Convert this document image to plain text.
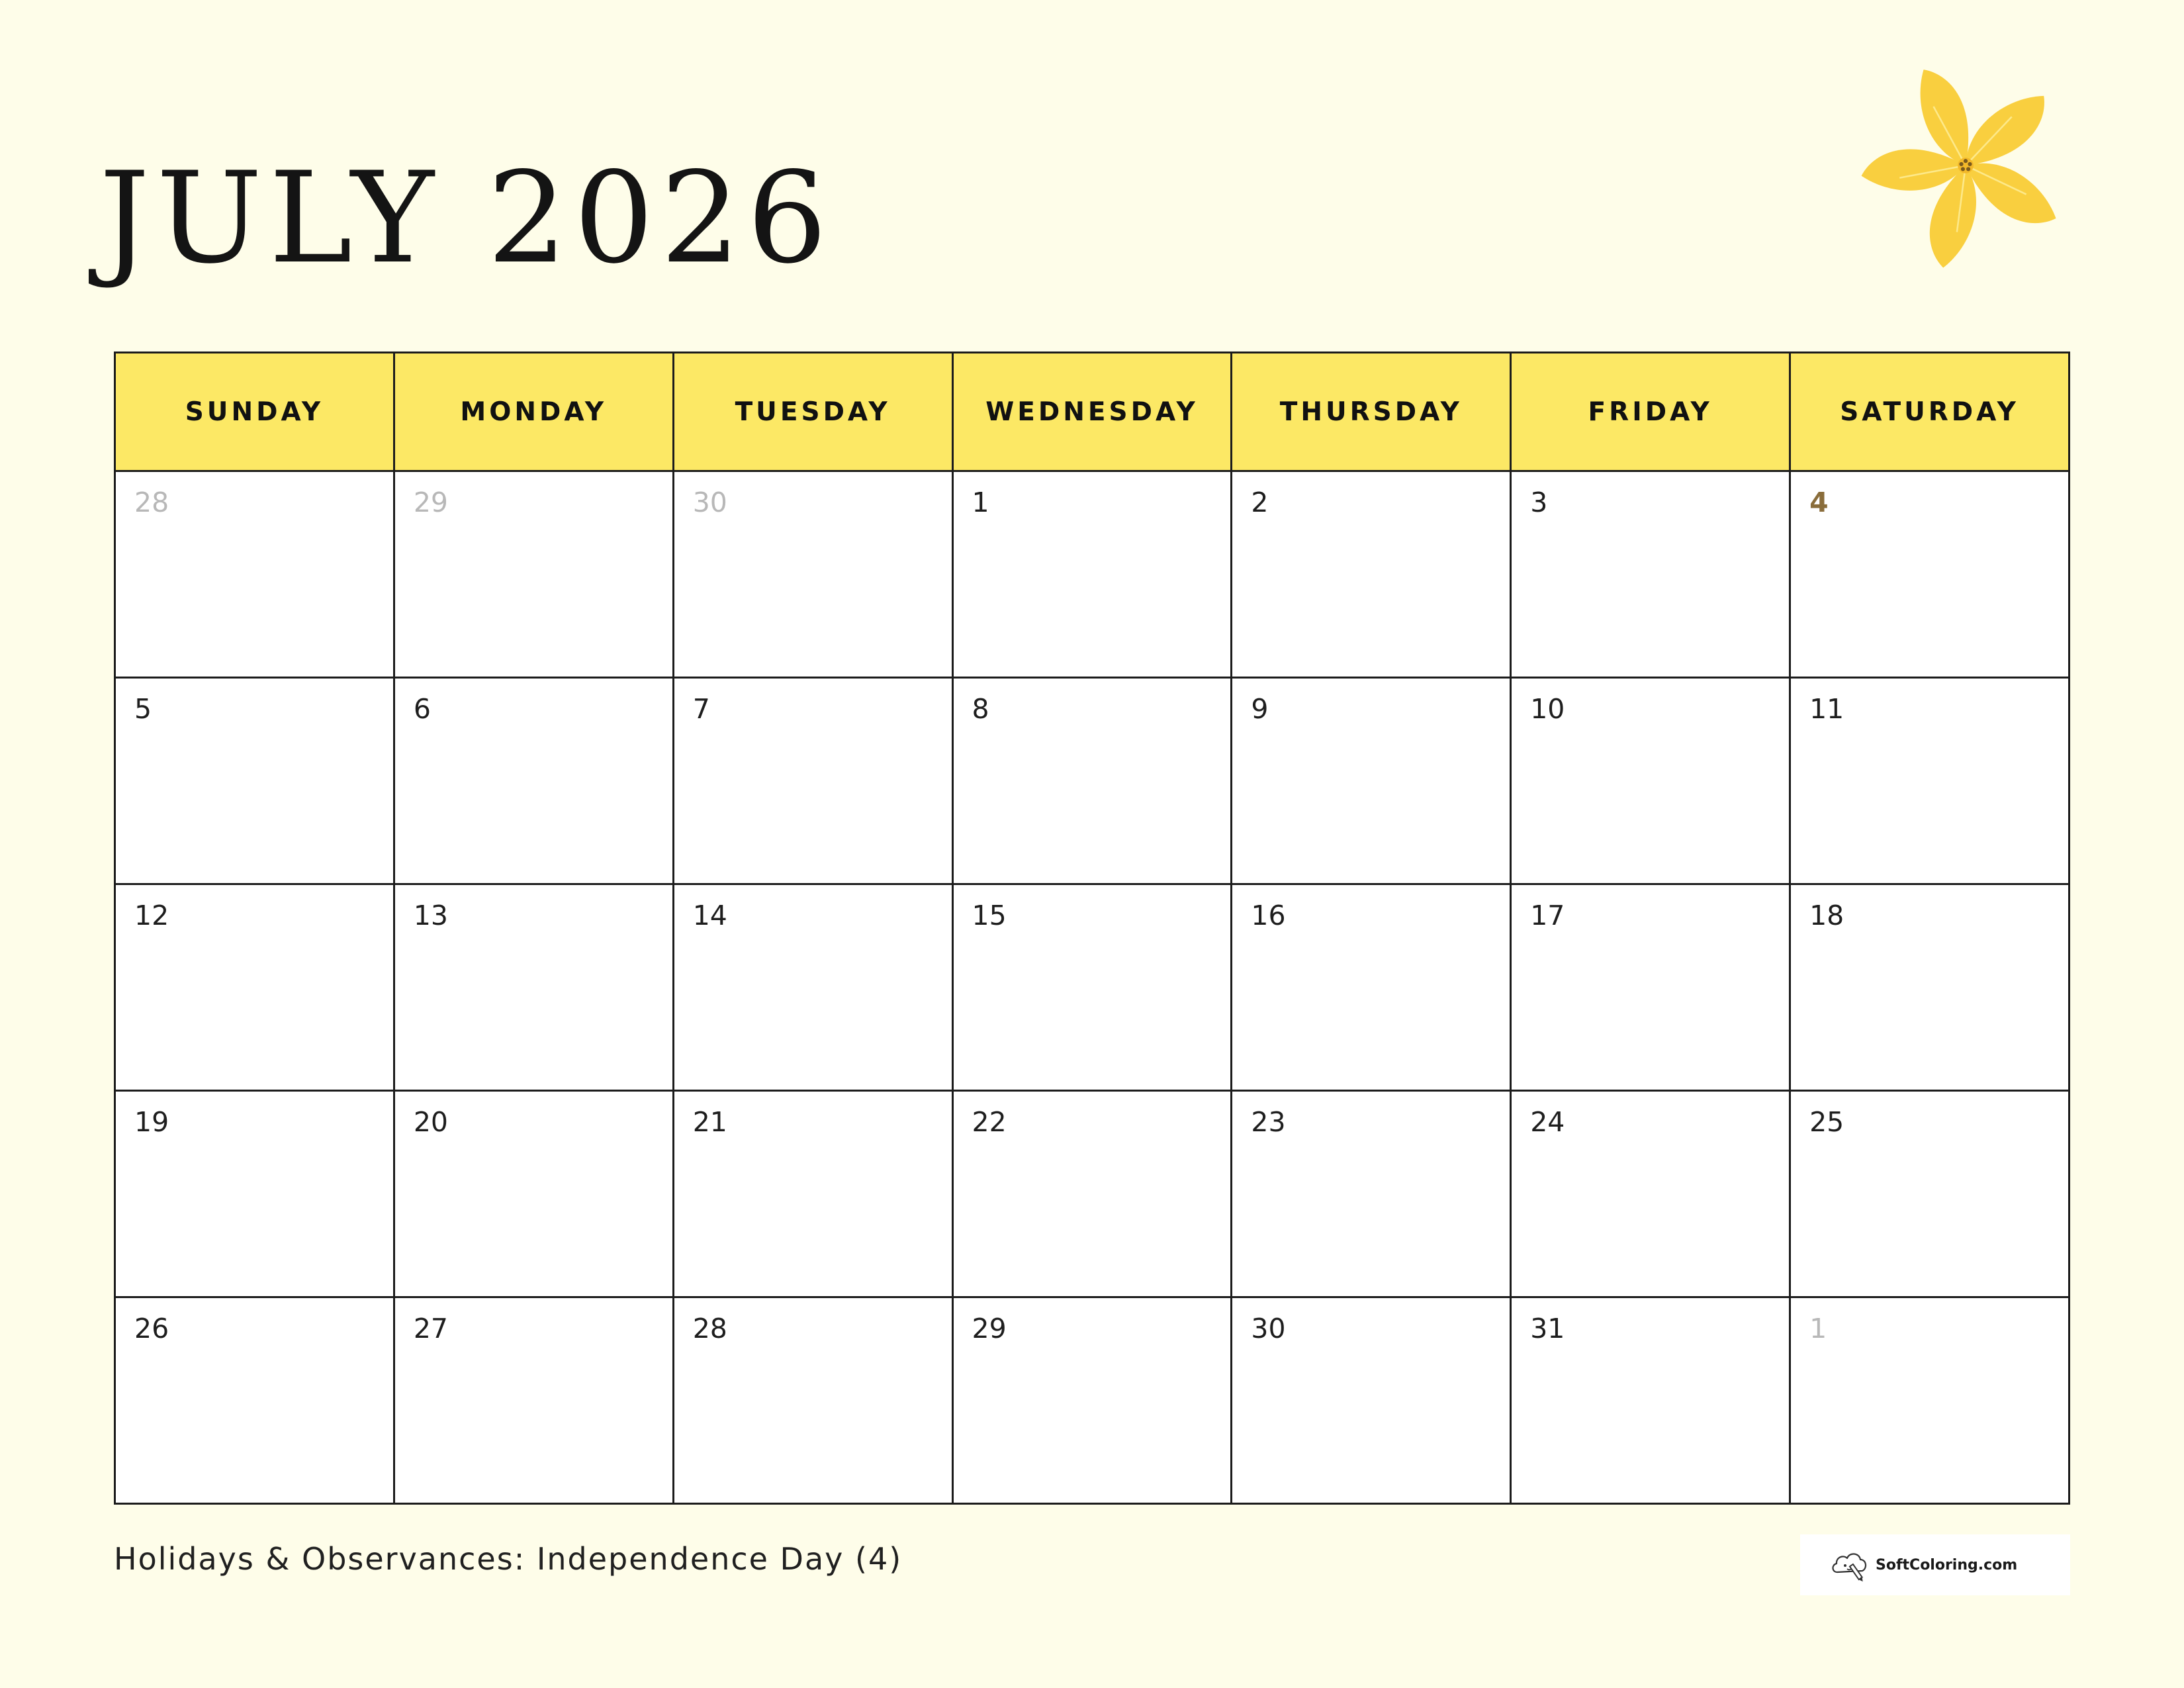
JULY 2026
SUNDAY	MONDAY	TUESDAY	WEDNESDAY	THURSDAY	FRIDAY	SATURDAY

28	29	30	1	2	3	4

5	6	7	8	9	10	11

12	13	14	15	16	17	18

19	20	21	22	23	24	25

26	27	28	29	30	31	1
Holidays & Observances: Independence Day (4)	SoftColoring.com
